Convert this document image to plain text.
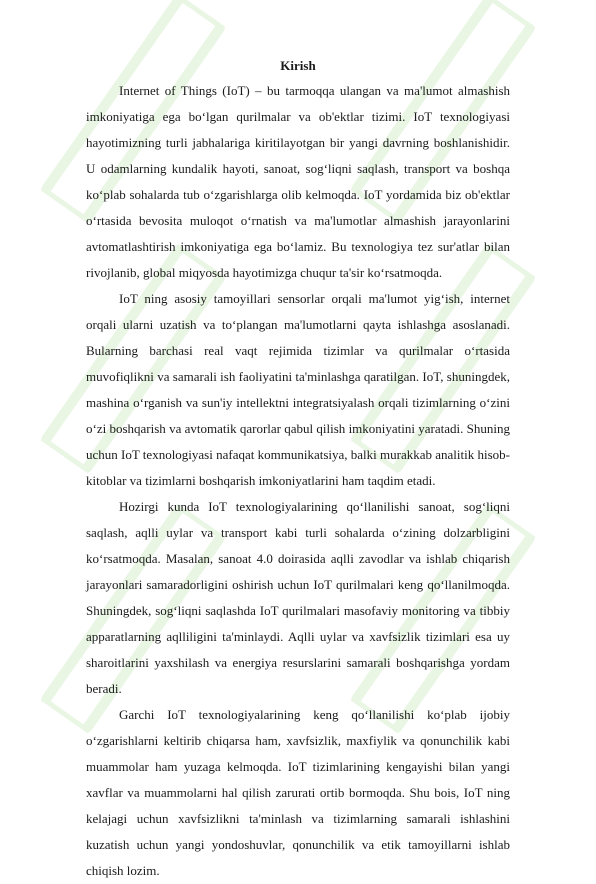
Kirish

Internet of Things (IoT) – bu tarmoqqa ulangan va ma'lumot almashish imkoniyatiga ega bo‘lgan qurilmalar va ob'ektlar tizimi. IoT texnologiyasi hayotimizning turli jabhalariga kiritilayotgan bir yangi davrning boshlanishidir. U odamlarning kundalik hayoti, sanoat, sog‘liqni saqlash, transport va boshqa ko‘plab sohalarda tub o‘zgarishlarga olib kelmoqda. IoT yordamida biz ob'ektlar o‘rtasida bevosita muloqot o‘rnatish va ma'lumotlar almashish jarayonlarini avtomatlashtirish imkoniyatiga ega bo‘lamiz. Bu texnologiya tez sur'atlar bilan rivojlanib, global miqyosda hayotimizga chuqur ta'sir ko‘rsatmoqda.

IoT ning asosiy tamoyillari sensorlar orqali ma'lumot yig‘ish, internet orqali ularni uzatish va to‘plangan ma'lumotlarni qayta ishlashga asoslanadi. Bularning barchasi real vaqt rejimida tizimlar va qurilmalar o‘rtasida muvofiqlikni va samarali ish faoliyatini ta'minlashga qaratilgan. IoT, shuningdek, mashina o‘rganish va sun'iy intellektni integratsiyalash orqali tizimlarning o‘zini o‘zi boshqarish va avtomatik qarorlar qabul qilish imkoniyatini yaratadi. Shuning uchun IoT texnologiyasi nafaqat kommunikatsiya, balki murakkab analitik hisob-kitoblar va tizimlarni boshqarish imkoniyatlarini ham taqdim etadi.

Hozirgi kunda IoT texnologiyalarining qo‘llanilishi sanoat, sog‘liqni saqlash, aqlli uylar va transport kabi turli sohalarda o‘zining dolzarbligini ko‘rsatmoqda. Masalan, sanoat 4.0 doirasida aqlli zavodlar va ishlab chiqarish jarayonlari samaradorligini oshirish uchun IoT qurilmalari keng qo‘llanilmoqda. Shuningdek, sog‘liqni saqlashda IoT qurilmalari masofaviy monitoring va tibbiy apparatlarning aqlliligini ta'minlaydi. Aqlli uylar va xavfsizlik tizimlari esa uy sharoitlarini yaxshilash va energiya resurslarini samarali boshqarishga yordam beradi.

Garchi IoT texnologiyalarining keng qo‘llanilishi ko‘plab ijobiy o‘zgarishlarni keltirib chiqarsa ham, xavfsizlik, maxfiylik va qonunchilik kabi muammolar ham yuzaga kelmoqda. IoT tizimlarining kengayishi bilan yangi xavflar va muammolarni hal qilish zarurati ortib bormoqda. Shu bois, IoT ning kelajagi uchun xavfsizlikni ta'minlash va tizimlarning samarali ishlashini kuzatish uchun yangi yondoshuvlar, qonunchilik va etik tamoyillarni ishlab chiqish lozim.
